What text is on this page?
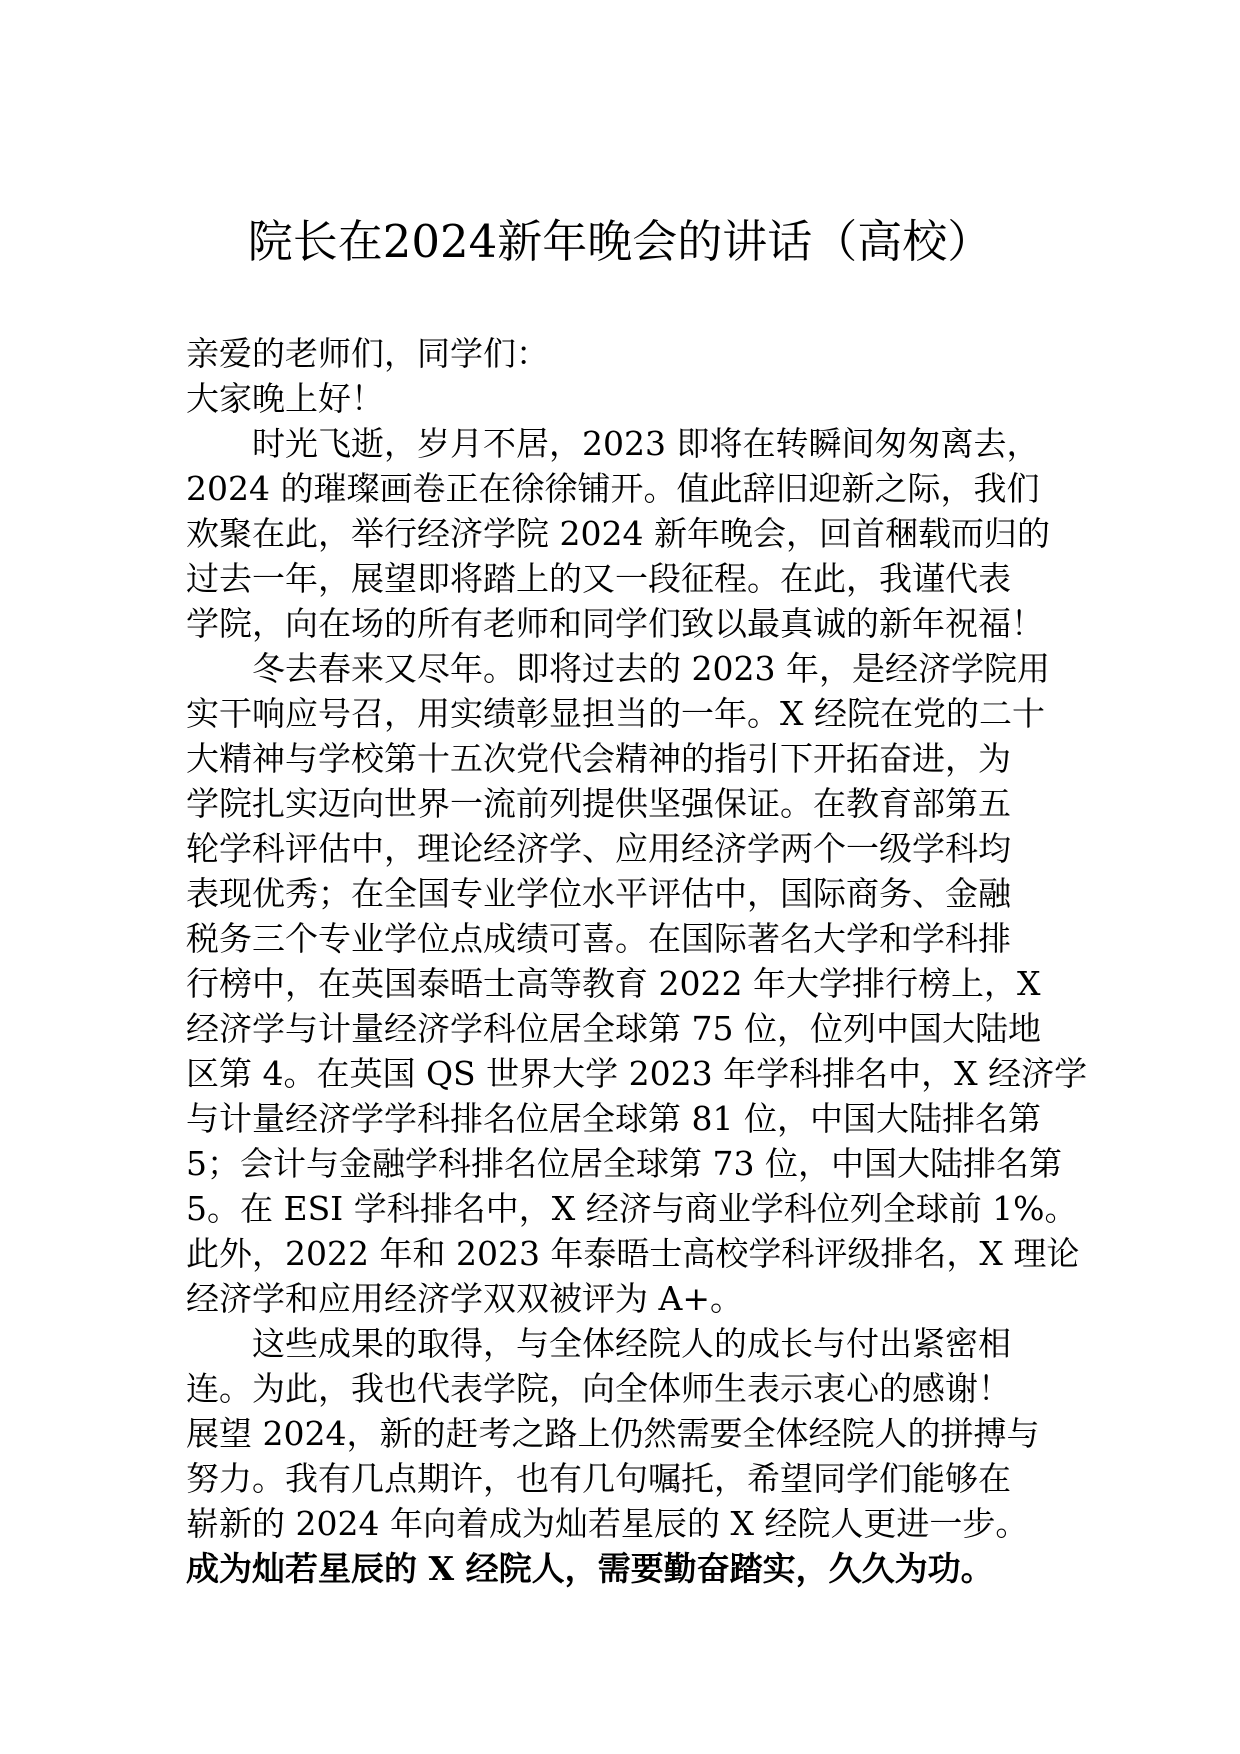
院长在2024新年晚会的讲话（高校）

亲爱的老师们，同学们：

大家晚上好！

时光飞逝，岁月不居，2023 即将在转瞬间匆匆离去，
2024 的璀璨画卷正在徐徐铺开。值此辞旧迎新之际，我们
欢聚在此，举行经济学院 2024 新年晚会，回首稇载而归的
过去一年，展望即将踏上的又一段征程。在此，我谨代表
学院，向在场的所有老师和同学们致以最真诚的新年祝福！

冬去春来又尽年。即将过去的 2023 年，是经济学院用
实干响应号召，用实绩彰显担当的一年。X 经院在党的二十
大精神与学校第十五次党代会精神的指引下开拓奋进，为
学院扎实迈向世界一流前列提供坚强保证。在教育部第五
轮学科评估中，理论经济学、应用经济学两个一级学科均
表现优秀；在全国专业学位水平评估中，国际商务、金融
税务三个专业学位点成绩可喜。在国际著名大学和学科排
行榜中，在英国泰晤士高等教育 2022 年大学排行榜上，X
经济学与计量经济学科位居全球第 75 位，位列中国大陆地
区第 4。在英国 QS 世界大学 2023 年学科排名中，X 经济学
与计量经济学学科排名位居全球第 81 位，中国大陆排名第
5；会计与金融学科排名位居全球第 73 位，中国大陆排名第
5。在 ESI 学科排名中，X 经济与商业学科位列全球前 1%。
此外，2022 年和 2023 年泰晤士高校学科评级排名，X 理论
经济学和应用经济学双双被评为 A+。

这些成果的取得，与全体经院人的成长与付出紧密相
连。为此，我也代表学院，向全体师生表示衷心的感谢！
展望 2024，新的赶考之路上仍然需要全体经院人的拼搏与
努力。我有几点期许，也有几句嘱托，希望同学们能够在
崭新的 2024 年向着成为灿若星辰的 X 经院人更进一步。

成为灿若星辰的 X 经院人，需要勤奋踏实，久久为功。
